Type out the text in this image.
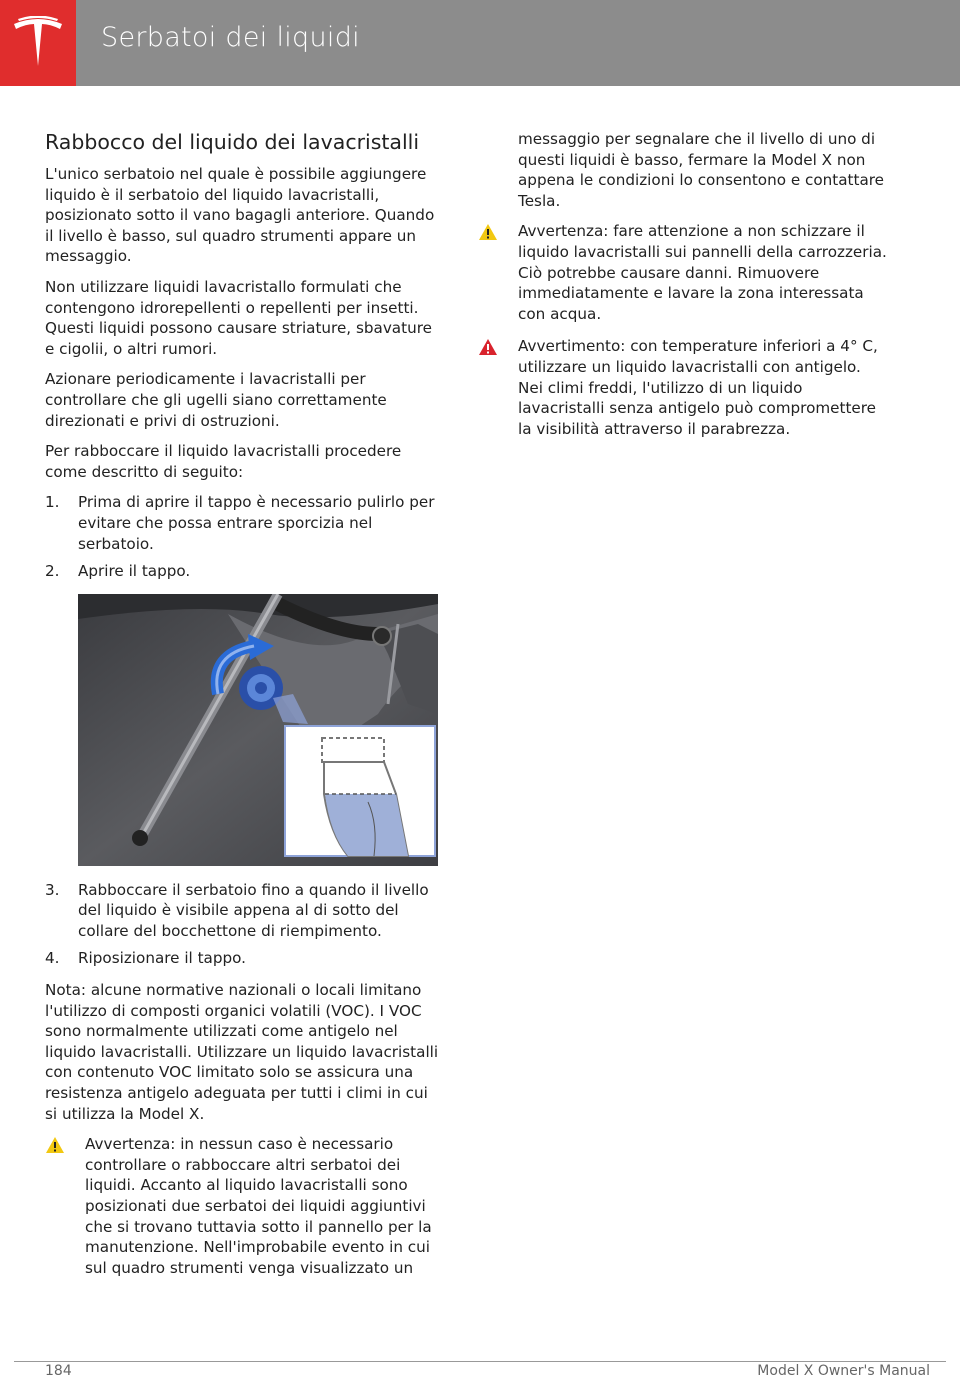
Serbatoi dei liquidi
Rabbocco del liquido dei lavacristalli

L'unico serbatoio nel quale è possibile aggiungere liquido è il serbatoio del liquido lavacristalli, posizionato sotto il vano bagagli anteriore. Quando il livello è basso, sul quadro strumenti appare un messaggio.

Non utilizzare liquidi lavacristallo formulati che contengono idrorepellenti o repellenti per insetti. Questi liquidi possono causare striature, sbavature e cigolii, o altri rumori.

Azionare periodicamente i lavacristalli per controllare che gli ugelli siano correttamente direzionati e privi di ostruzioni.

Per rabboccare il liquido lavacristalli procedere come descritto di seguito:

1. Prima di aprire il tappo è necessario pulirlo per evitare che possa entrare sporcizia nel serbatoio.
2. Aprire il tappo.
3. Rabboccare il serbatoio fino a quando il livello del liquido è visibile appena al di sotto del collare del bocchettone di riempimento.
4. Riposizionare il tappo.

Nota: alcune normative nazionali o locali limitano l'utilizzo di composti organici volatili (VOC). I VOC sono normalmente utilizzati come antigelo nel liquido lavacristalli. Utilizzare un liquido lavacristalli con contenuto VOC limitato solo se assicura una resistenza antigelo adeguata per tutti i climi in cui si utilizza la Model X.

Avvertenza: in nessun caso è necessario controllare o rabboccare altri serbatoi dei liquidi. Accanto al liquido lavacristalli sono posizionati due serbatoi dei liquidi aggiuntivi che si trovano tuttavia sotto il pannello per la manutenzione. Nell'improbabile evento in cui sul quadro strumenti venga visualizzato un

messaggio per segnalare che il livello di uno di questi liquidi è basso, fermare la Model X non appena le condizioni lo consentono e contattare Tesla.

Avvertenza: fare attenzione a non schizzare il liquido lavacristalli sui pannelli della carrozzeria. Ciò potrebbe causare danni. Rimuovere immediatamente e lavare la zona interessata con acqua.
Avvertimento: con temperature inferiori a 4° C, utilizzare un liquido lavacristalli con antigelo. Nei climi freddi, l'utilizzo di un liquido lavacristalli senza antigelo può compromettere la visibilità attraverso il parabrezza.
184	Model X Owner's Manual
